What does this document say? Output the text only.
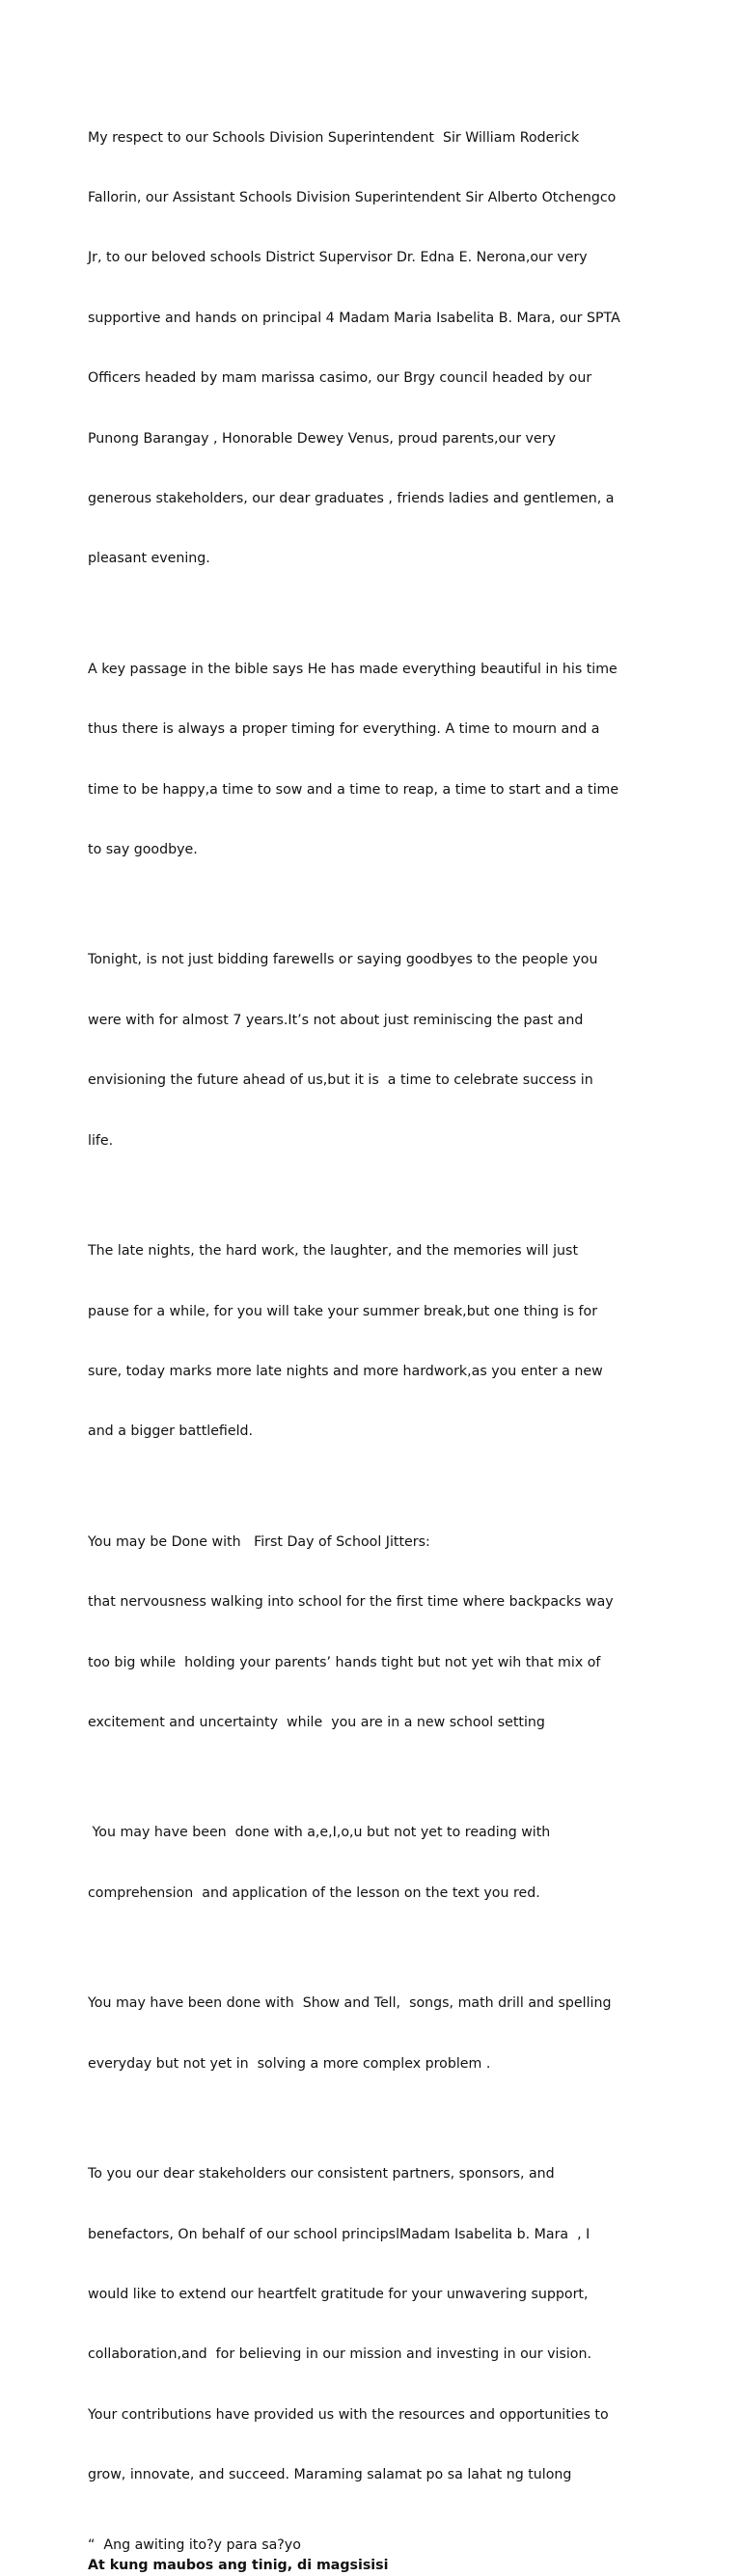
My respect to our Schools Division Superintendent  Sir William Roderick

Fallorin, our Assistant Schools Division Superintendent Sir Alberto Otchengco

Jr, to our beloved schools District Supervisor Dr. Edna E. Nerona,our very

supportive and hands on principal 4 Madam Maria Isabelita B. Mara, our SPTA

Officers headed by mam marissa casimo, our Brgy council headed by our

Punong Barangay , Honorable Dewey Venus, proud parents,our very

generous stakeholders, our dear graduates , friends ladies and gentlemen, a

pleasant evening.

A key passage in the bible says He has made everything beautiful in his time

thus there is always a proper timing for everything. A time to mourn and a

time to be happy,a time to sow and a time to reap, a time to start and a time

to say goodbye.

Tonight, is not just bidding farewells or saying goodbyes to the people you

were with for almost 7 years.It’s not about just reminiscing the past and

envisioning the future ahead of us,but it is  a time to celebrate success in

life.

The late nights, the hard work, the laughter, and the memories will just

pause for a while, for you will take your summer break,but one thing is for

sure, today marks more late nights and more hardwork,as you enter a new

and a bigger battlefield.

You may be Done with   First Day of School Jitters:

that nervousness walking into school for the first time where backpacks way

too big while  holding your parents’ hands tight but not yet wih that mix of

excitement and uncertainty  while  you are in a new school setting

You may have been  done with a,e,I,o,u but not yet to reading with

comprehension  and application of the lesson on the text you red.

You may have been done with  Show and Tell,  songs, math drill and spelling

everyday but not yet in  solving a more complex problem .

To you our dear stakeholders our consistent partners, sponsors, and

benefactors, On behalf of our school principslMadam Isabelita b. Mara  , I

would like to extend our heartfelt gratitude for your unwavering support,

collaboration,and  for believing in our mission and investing in our vision.

Your contributions have provided us with the resources and opportunities to

grow, innovate, and succeed. Maraming salamat po sa lahat ng tulong

“  Ang awiting ito?y para sa?yo
At kung maubos ang tinig, di magsisisi
